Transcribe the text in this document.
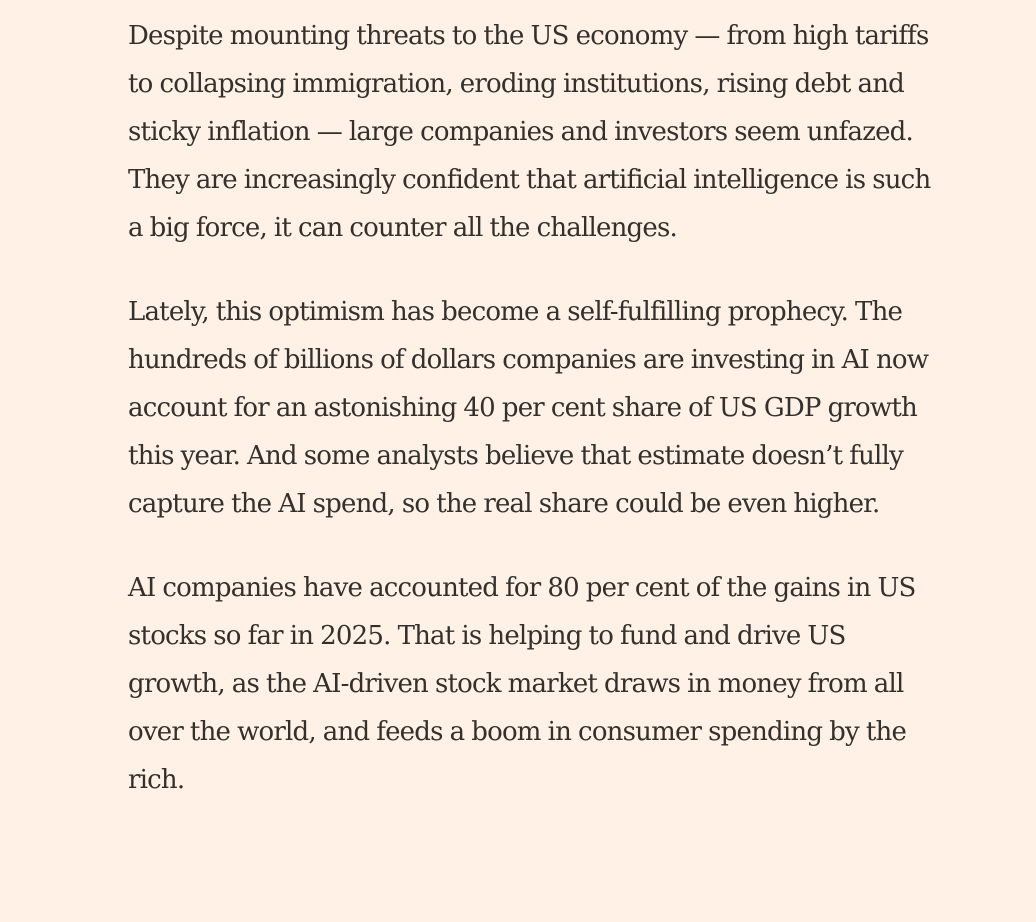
Despite mounting threats to the US economy — from high tariffs to collapsing immigration, eroding institutions, rising debt and sticky inflation — large companies and investors seem unfazed. They are increasingly confident that artificial intelligence is such a big force, it can counter all the challenges.

Lately, this optimism has become a self-fulfilling prophecy. The hundreds of billions of dollars companies are investing in AI now account for an astonishing 40 per cent share of US GDP growth this year. And some analysts believe that estimate doesn’t fully capture the AI spend, so the real share could be even higher.

AI companies have accounted for 80 per cent of the gains in US stocks so far in 2025. That is helping to fund and drive US growth, as the AI-driven stock market draws in money from all over the world, and feeds a boom in consumer spending by the rich.
